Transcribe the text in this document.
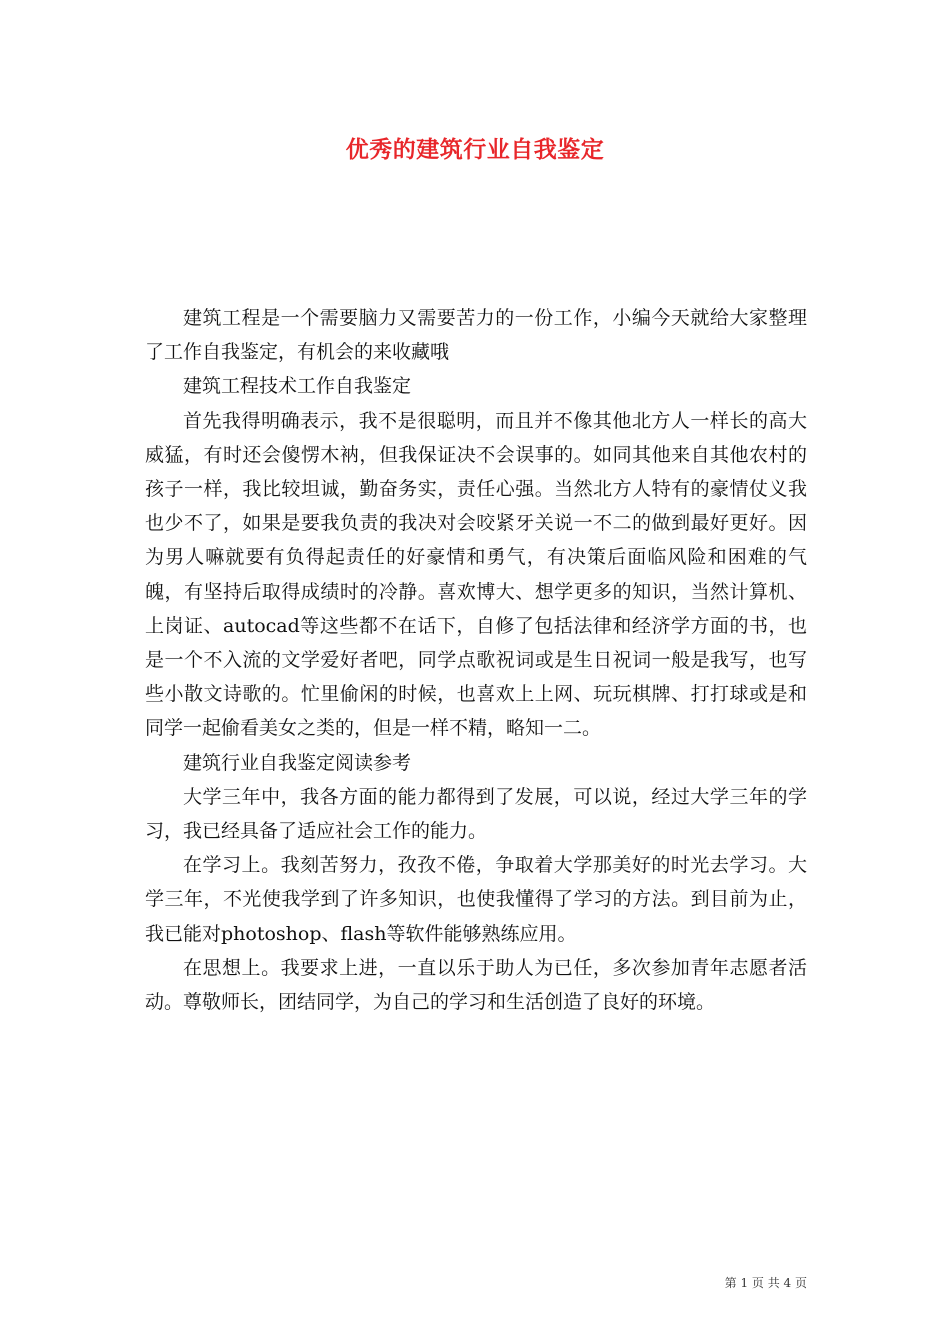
优秀的建筑行业自我鉴定

建筑工程是一个需要脑力又需要苦力的一份工作，小编今天就给大家整理了工作自我鉴定，有机会的来收藏哦

建筑工程技术工作自我鉴定

首先我得明确表示，我不是很聪明，而且并不像其他北方人一样长的高大威猛，有时还会傻愣木衲，但我保证决不会误事的。如同其他来自其他农村的孩子一样，我比较坦诚，勤奋务实，责任心强。当然北方人特有的豪情仗义我也少不了，如果是要我负责的我决对会咬紧牙关说一不二的做到最好更好。因为男人嘛就要有负得起责任的好豪情和勇气，有决策后面临风险和困难的气魄，有坚持后取得成绩时的冷静。喜欢博大、想学更多的知识，当然计算机、上岗证、autocad等这些都不在话下，自修了包括法律和经济学方面的书，也是一个不入流的文学爱好者吧，同学点歌祝词或是生日祝词一般是我写，也写些小散文诗歌的。忙里偷闲的时候，也喜欢上上网、玩玩棋牌、打打球或是和同学一起偷看美女之类的，但是一样不精，略知一二。

建筑行业自我鉴定阅读参考

大学三年中，我各方面的能力都得到了发展，可以说，经过大学三年的学习，我已经具备了适应社会工作的能力。

在学习上。我刻苦努力，孜孜不倦，争取着大学那美好的时光去学习。大学三年，不光使我学到了许多知识，也使我懂得了学习的方法。到目前为止，我已能对photoshop、flash等软件能够熟练应用。

在思想上。我要求上进，一直以乐于助人为已任，多次参加青年志愿者活动。尊敬师长，团结同学，为自己的学习和生活创造了良好的环境。

第 1 页 共 4 页
